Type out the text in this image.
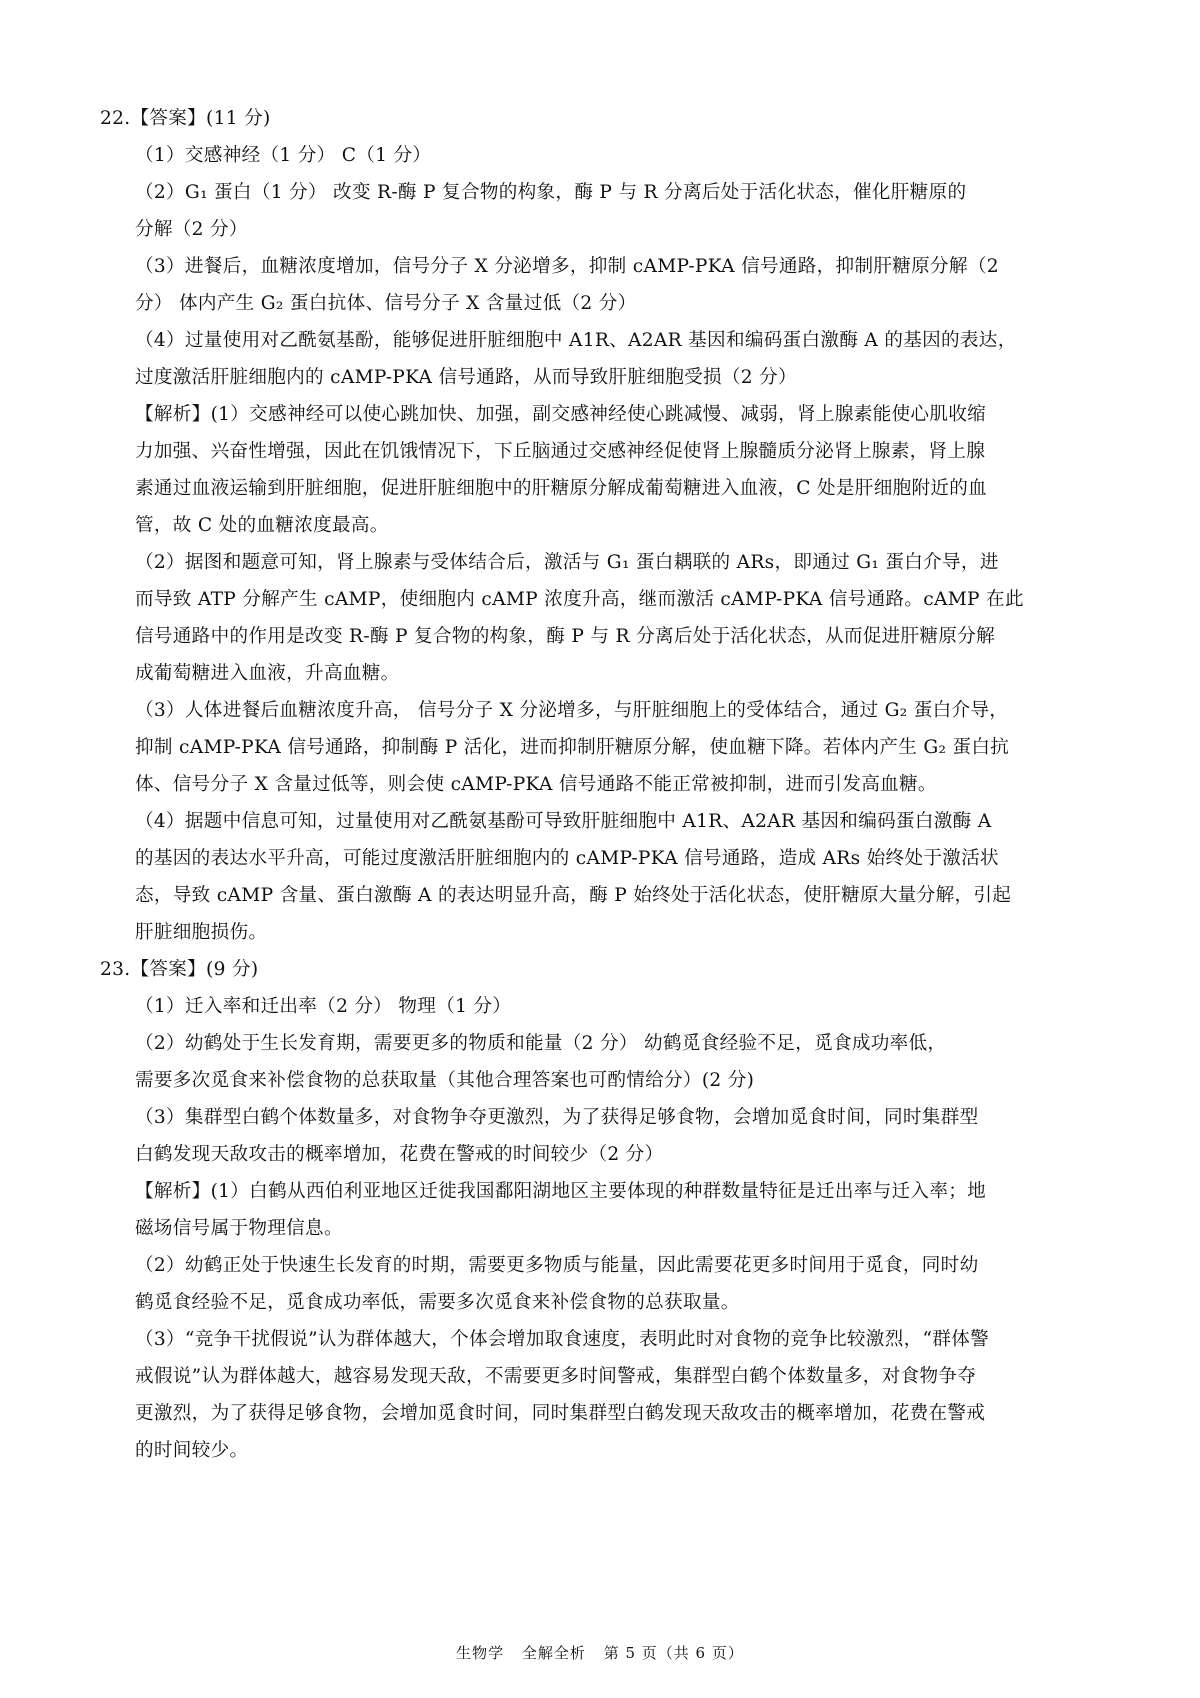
22.【答案】(11 分)
（1）交感神经（1 分） C（1 分）
（2）G₁ 蛋白（1 分） 改变 R-酶 P 复合物的构象，酶 P 与 R 分离后处于活化状态，催化肝糖原的
分解（2 分）
（3）进餐后，血糖浓度增加，信号分子 X 分泌增多，抑制 cAMP-PKA 信号通路，抑制肝糖原分解（2
分） 体内产生 G₂ 蛋白抗体、信号分子 X 含量过低（2 分）
（4）过量使用对乙酰氨基酚，能够促进肝脏细胞中 A1R、A2AR 基因和编码蛋白激酶 A 的基因的表达，
过度激活肝脏细胞内的 cAMP-PKA 信号通路，从而导致肝脏细胞受损（2 分）
【解析】(1）交感神经可以使心跳加快、加强，副交感神经使心跳减慢、减弱，肾上腺素能使心肌收缩
力加强、兴奋性增强，因此在饥饿情况下，下丘脑通过交感神经促使肾上腺髓质分泌肾上腺素，肾上腺
素通过血液运输到肝脏细胞，促进肝脏细胞中的肝糖原分解成葡萄糖进入血液，C 处是肝细胞附近的血
管，故 C 处的血糖浓度最高。
（2）据图和题意可知，肾上腺素与受体结合后，激活与 G₁ 蛋白耦联的 ARs，即通过 G₁ 蛋白介导，进
而导致 ATP 分解产生 cAMP，使细胞内 cAMP 浓度升高，继而激活 cAMP-PKA 信号通路。cAMP 在此
信号通路中的作用是改变 R-酶 P 复合物的构象，酶 P 与 R 分离后处于活化状态，从而促进肝糖原分解
成葡萄糖进入血液，升高血糖。
（3）人体进餐后血糖浓度升高， 信号分子 X 分泌增多，与肝脏细胞上的受体结合，通过 G₂ 蛋白介导，
抑制 cAMP-PKA 信号通路，抑制酶 P 活化，进而抑制肝糖原分解，使血糖下降。若体内产生 G₂ 蛋白抗
体、信号分子 X 含量过低等，则会使 cAMP-PKA 信号通路不能正常被抑制，进而引发高血糖。
（4）据题中信息可知，过量使用对乙酰氨基酚可导致肝脏细胞中 A1R、A2AR 基因和编码蛋白激酶 A
的基因的表达水平升高，可能过度激活肝脏细胞内的 cAMP-PKA 信号通路，造成 ARs 始终处于激活状
态，导致 cAMP 含量、蛋白激酶 A 的表达明显升高，酶 P 始终处于活化状态，使肝糖原大量分解，引起
肝脏细胞损伤。
23.【答案】(9 分)
（1）迁入率和迁出率（2 分） 物理（1 分）
（2）幼鹤处于生长发育期，需要更多的物质和能量（2 分） 幼鹤觅食经验不足，觅食成功率低，
需要多次觅食来补偿食物的总获取量（其他合理答案也可酌情给分）(2 分)
（3）集群型白鹤个体数量多，对食物争夺更激烈，为了获得足够食物，会增加觅食时间，同时集群型
白鹤发现天敌攻击的概率增加，花费在警戒的时间较少（2 分）
【解析】(1）白鹤从西伯利亚地区迁徙我国鄱阳湖地区主要体现的种群数量特征是迁出率与迁入率；地
磁场信号属于物理信息。
（2）幼鹤正处于快速生长发育的时期，需要更多物质与能量，因此需要花更多时间用于觅食，同时幼
鹤觅食经验不足，觅食成功率低，需要多次觅食来补偿食物的总获取量。
（3）“竞争干扰假说”认为群体越大，个体会增加取食速度，表明此时对食物的竞争比较激烈，“群体警
戒假说”认为群体越大，越容易发现天敌，不需要更多时间警戒，集群型白鹤个体数量多，对食物争夺
更激烈，为了获得足够食物，会增加觅食时间，同时集群型白鹤发现天敌攻击的概率增加，花费在警戒
的时间较少。
生物学 全解全析 第 5 页（共 6 页）
